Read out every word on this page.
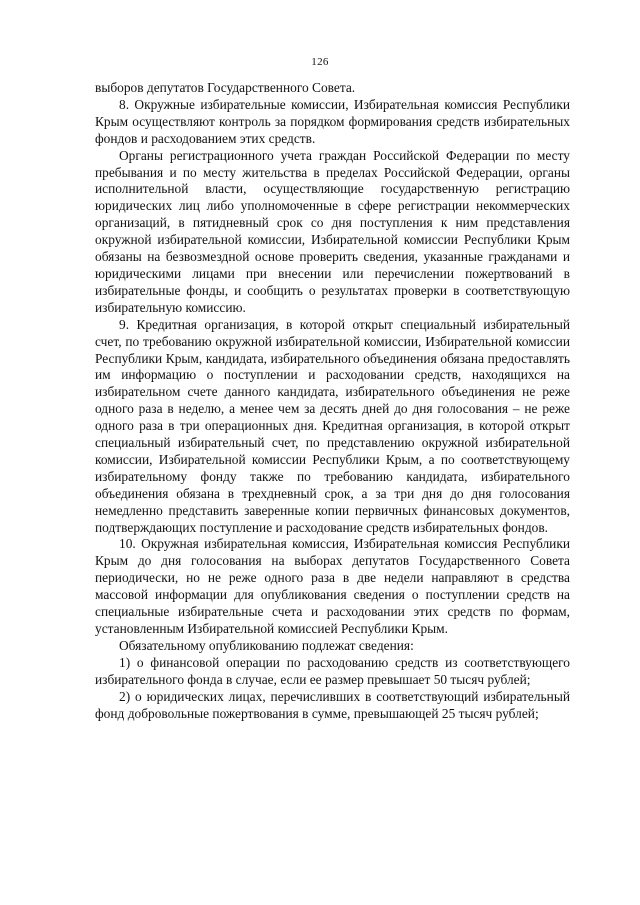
126

выборов депутатов Государственного Совета.

8. Окружные избирательные комиссии, Избирательная комиссия Республики Крым осуществляют контроль за порядком формирования средств избирательных фондов и расходованием этих средств.

Органы регистрационного учета граждан Российской Федерации по месту пребывания и по месту жительства в пределах Российской Федерации, органы исполнительной власти, осуществляющие государственную регистрацию юридических лиц либо уполномоченные в сфере регистрации некоммерческих организаций, в пятидневный срок со дня поступления к ним представления окружной избирательной комиссии, Избирательной комиссии Республики Крым обязаны на безвозмездной основе проверить сведения, указанные гражданами и юридическими лицами при внесении или перечислении пожертвований в избирательные фонды, и сообщить о результатах проверки в соответствующую избирательную комиссию.

9. Кредитная организация, в которой открыт специальный избирательный счет, по требованию окружной избирательной комиссии, Избирательной комиссии Республики Крым, кандидата, избирательного объединения обязана предоставлять им информацию о поступлении и расходовании средств, находящихся на избирательном счете данного кандидата, избирательного объединения не реже одного раза в неделю, а менее чем за десять дней до дня голосования – не реже одного раза в три операционных дня. Кредитная организация, в которой открыт специальный избирательный счет, по представлению окружной избирательной комиссии, Избирательной комиссии Республики Крым, а по соответствующему избирательному фонду также по требованию кандидата, избирательного объединения обязана в трехдневный срок, а за три дня до дня голосования немедленно представить заверенные копии первичных финансовых документов, подтверждающих поступление и расходование средств избирательных фондов.

10. Окружная избирательная комиссия, Избирательная комиссия Республики Крым до дня голосования на выборах депутатов Государственного Совета периодически, но не реже одного раза в две недели направляют в средства массовой информации для опубликования сведения о поступлении средств на специальные избирательные счета и расходовании этих средств по формам, установленным Избирательной комиссией Республики Крым.

Обязательному опубликованию подлежат сведения:

1) о финансовой операции по расходованию средств из соответствующего избирательного фонда в случае, если ее размер превышает 50 тысяч рублей;

2) о юридических лицах, перечисливших в соответствующий избирательный фонд добровольные пожертвования в сумме, превышающей 25 тысяч рублей;
